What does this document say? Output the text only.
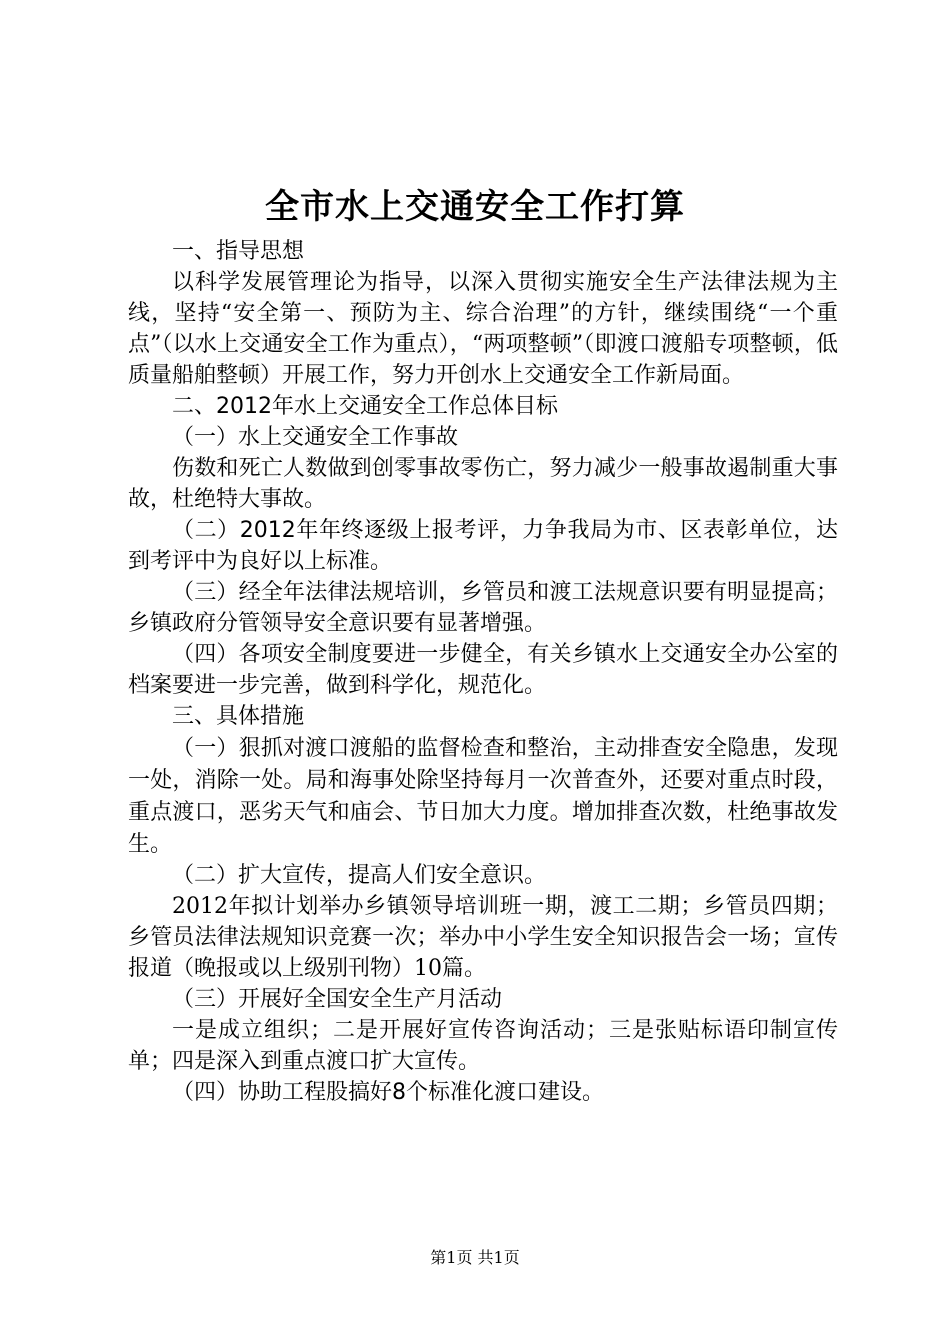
全市水上交通安全工作打算

一、指导思想

以科学发展管理论为指导，以深入贯彻实施安全生产法律法规为主线，坚持“安全第一、预防为主、综合治理”的方针，继续围绕“一个重点”（以水上交通安全工作为重点），“两项整顿”（即渡口渡船专项整顿，低质量船舶整顿）开展工作，努力开创水上交通安全工作新局面。

二、2012年水上交通安全工作总体目标

（一）水上交通安全工作事故

伤数和死亡人数做到创零事故零伤亡，努力减少一般事故遏制重大事故，杜绝特大事故。

（二）2012年年终逐级上报考评，力争我局为市、区表彰单位，达到考评中为良好以上标准。

（三）经全年法律法规培训，乡管员和渡工法规意识要有明显提高；乡镇政府分管领导安全意识要有显著增强。

（四）各项安全制度要进一步健全，有关乡镇水上交通安全办公室的档案要进一步完善，做到科学化，规范化。

三、具体措施

（一）狠抓对渡口渡船的监督检查和整治，主动排查安全隐患，发现一处，消除一处。局和海事处除坚持每月一次普查外，还要对重点时段，重点渡口，恶劣天气和庙会、节日加大力度。增加排查次数，杜绝事故发生。

（二）扩大宣传，提高人们安全意识。

2012年拟计划举办乡镇领导培训班一期，渡工二期；乡管员四期；乡管员法律法规知识竞赛一次；举办中小学生安全知识报告会一场；宣传报道（晚报或以上级别刊物）10篇。

（三）开展好全国安全生产月活动

一是成立组织；二是开展好宣传咨询活动；三是张贴标语印制宣传单；四是深入到重点渡口扩大宣传。

（四）协助工程股搞好8个标准化渡口建设。

第1页 共1页
